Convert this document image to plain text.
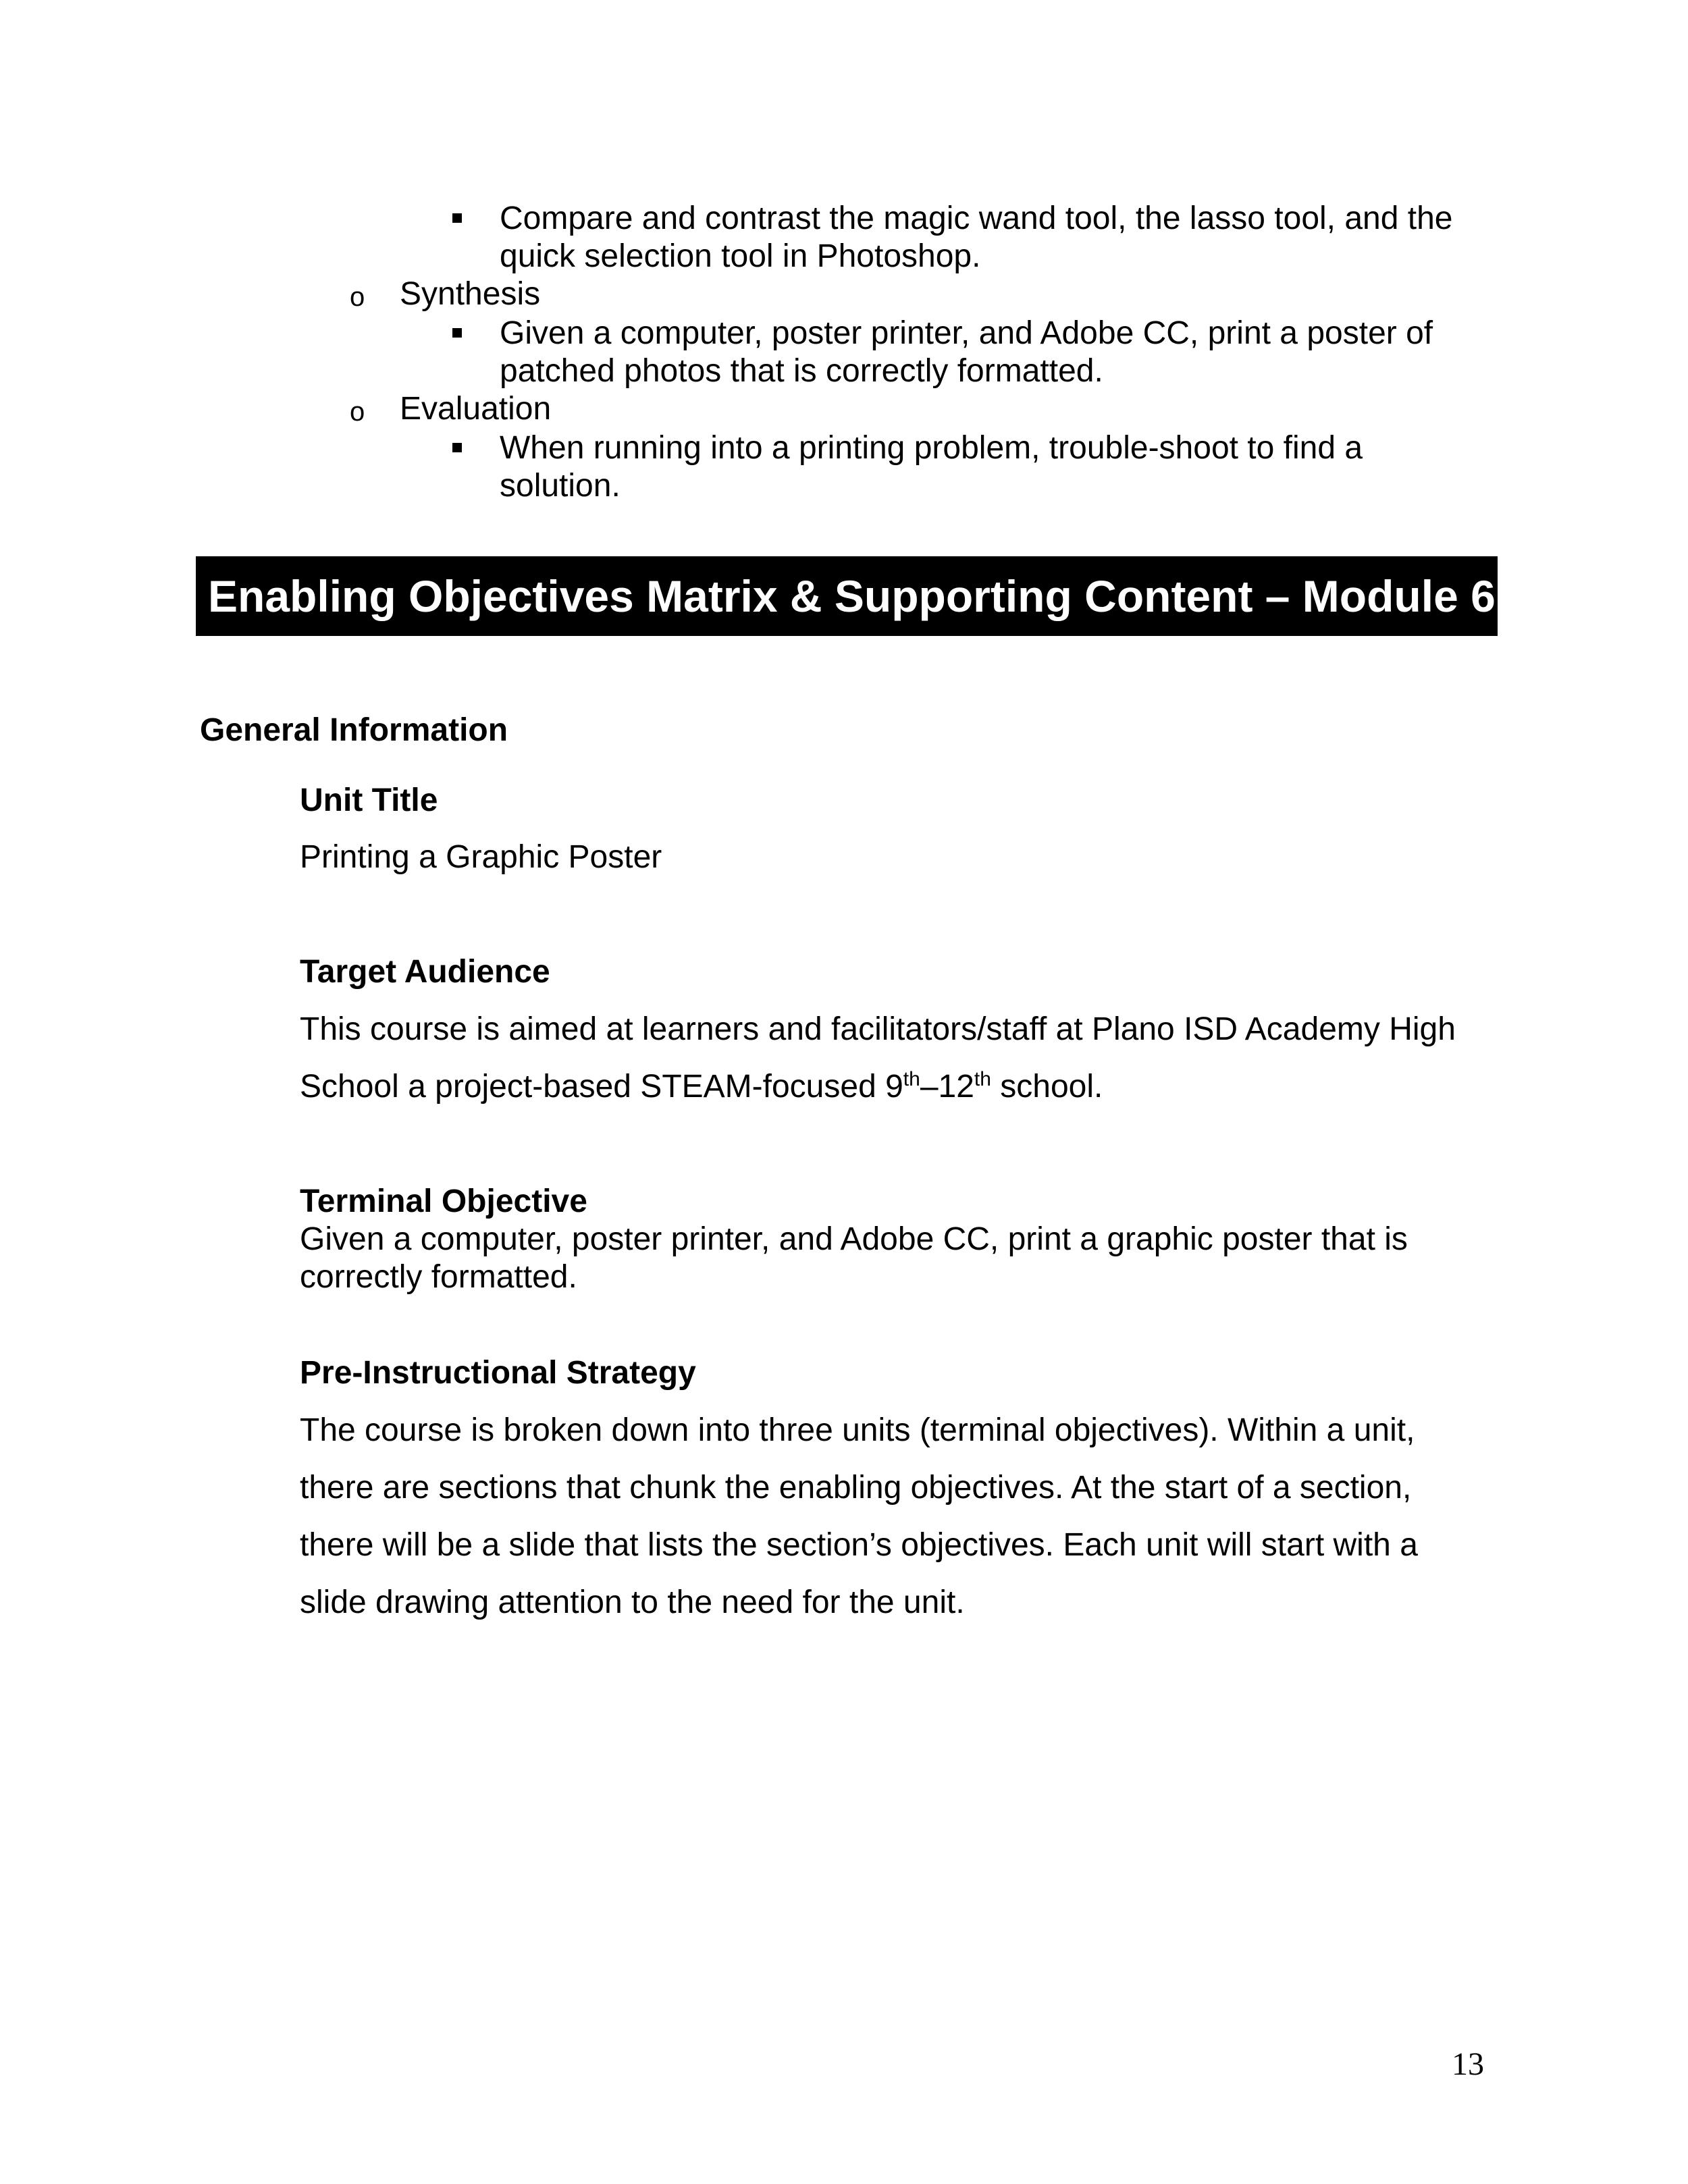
Compare and contrast the magic wand tool, the lasso tool, and the
quick selection tool in Photoshop.
o Synthesis
Given a computer, poster printer, and Adobe CC, print a poster of
patched photos that is correctly formatted.
o Evaluation
When running into a printing problem, trouble-shoot to find a
solution.
Enabling Objectives Matrix & Supporting Content – Module 6
General Information
Unit Title
Printing a Graphic Poster
Target Audience
This course is aimed at learners and facilitators/staff at Plano ISD Academy High
School a project-based STEAM-focused 9th–12th school.
Terminal Objective
Given a computer, poster printer, and Adobe CC, print a graphic poster that is
correctly formatted.
Pre-Instructional Strategy
The course is broken down into three units (terminal objectives). Within a unit,
there are sections that chunk the enabling objectives. At the start of a section,
there will be a slide that lists the section’s objectives. Each unit will start with a
slide drawing attention to the need for the unit.
13
